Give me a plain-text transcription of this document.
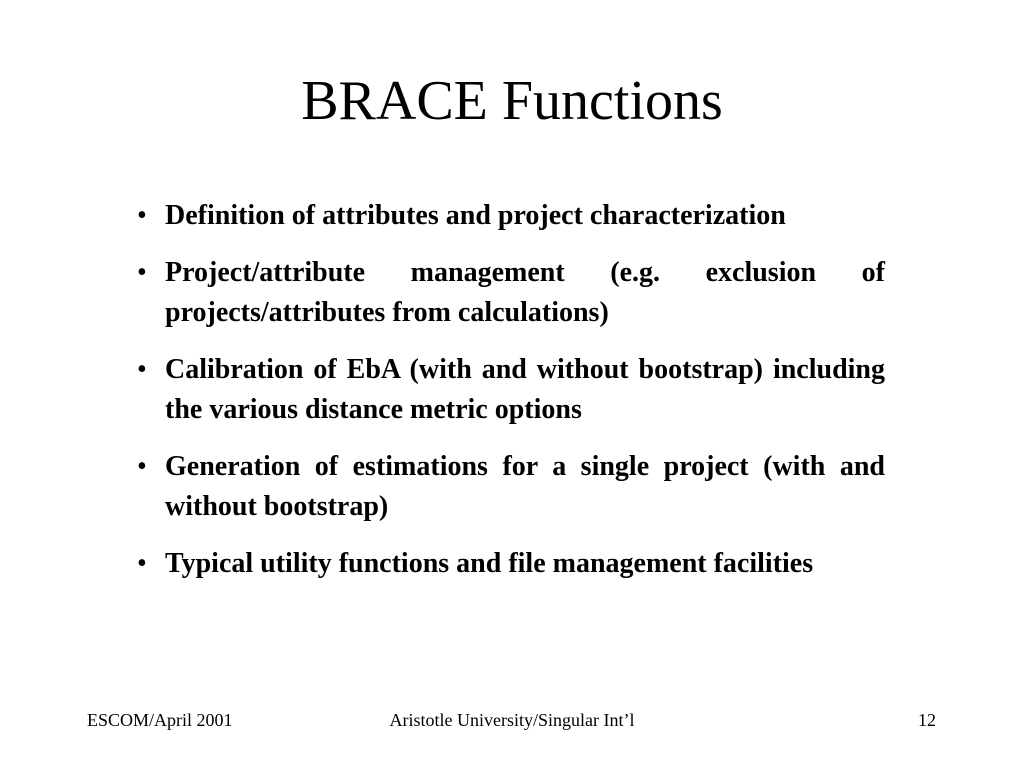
BRACE Functions
• Definition of attributes and project characterization
• Project/attribute management (e.g. exclusion of projects/attributes from calculations)
• Calibration of EbA (with and without bootstrap) including the various distance metric options
• Generation of estimations for a single project (with and without bootstrap)
• Typical utility functions and file management facilities
ESCOM/April 2001	Aristotle University/Singular Int’l	12
